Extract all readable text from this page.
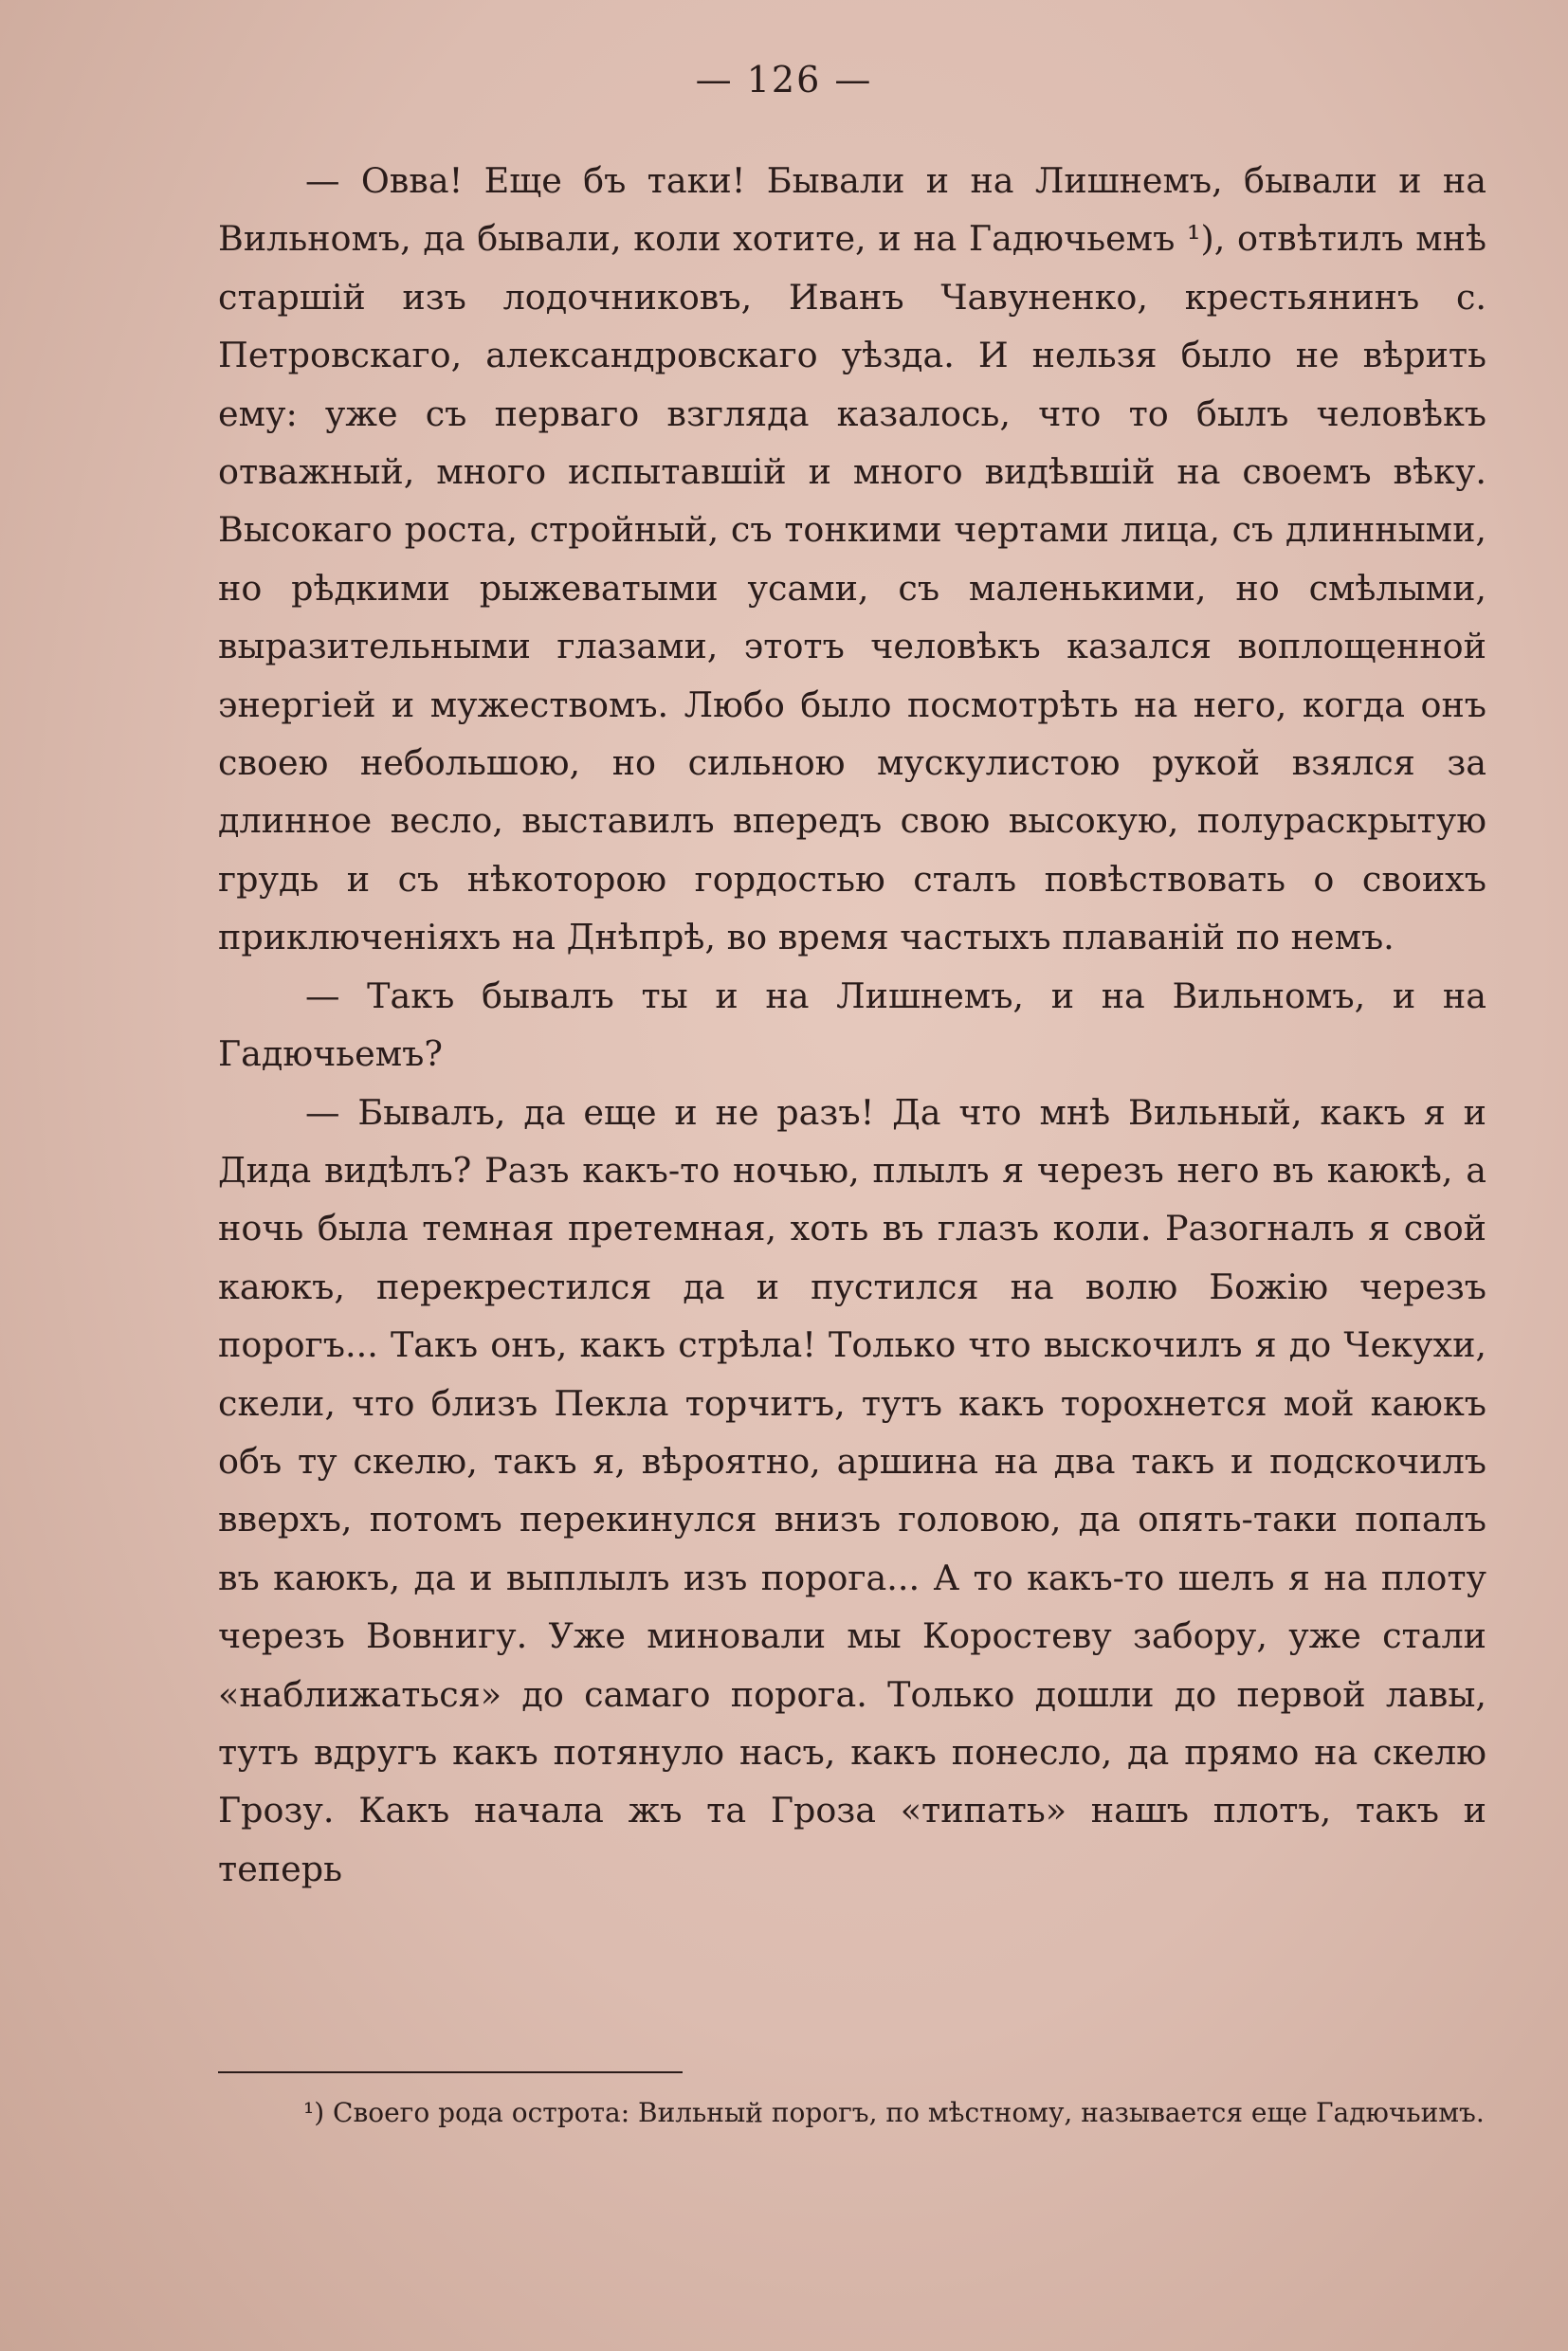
— 126 —

— Овва! Еще бъ таки! Бывали и на Лишнемъ, бывали и на Вильномъ, да бывали, коли хотите, и на Гадючьемъ ¹), отвѣтилъ мнѣ старшій изъ лодочниковъ, Иванъ Чавуненко, крестьянинъ с. Петровскаго, александровскаго уѣзда. И нельзя было не вѣрить ему: уже съ перваго взгляда казалось, что то былъ человѣкъ отважный, много испытавшій и много видѣвшій на своемъ вѣку. Высокаго роста, стройный, съ тонкими чертами лица, съ длинными, но рѣдкими рыжеватыми усами, съ маленькими, но смѣлыми, выразительными глазами, этотъ человѣкъ казался воплощенной энергіей и мужествомъ. Любо было посмотрѣть на него, когда онъ своею небольшою, но сильною мускулистою рукой взялся за длинное весло, выставилъ впередъ свою высокую, полураскрытую грудь и съ нѣкоторою гордостью сталъ повѣствовать о своихъ приключеніяхъ на Днѣпрѣ, во время частыхъ плаваній по немъ.

— Такъ бывалъ ты и на Лишнемъ, и на Вильномъ, и на Гадючьемъ?

— Бывалъ, да еще и не разъ! Да что мнѣ Вильный, какъ я и Дида видѣлъ? Разъ какъ-то ночью, плылъ я черезъ него въ каюкѣ, а ночь была темная претемная, хоть въ глазъ коли. Разогналъ я свой каюкъ, перекрестился да и пустился на волю Божію черезъ порогъ... Такъ онъ, какъ стрѣла! Только что выскочилъ я до Чекухи, скели, что близъ Пекла торчитъ, тутъ какъ торохнется мой каюкъ объ ту скелю, такъ я, вѣроятно, аршина на два такъ и подскочилъ вверхъ, потомъ перекинулся внизъ головою, да опять-таки попалъ въ каюкъ, да и выплылъ изъ порога... А то какъ-то шелъ я на плоту черезъ Вовнигу. Уже миновали мы Коростеву забору, уже стали «наближаться» до самаго порога. Только дошли до первой лавы, тутъ вдругъ какъ потянуло насъ, какъ понесло, да прямо на скелю Грозу. Какъ начала жъ та Гроза «типать» нашъ плотъ, такъ и теперь

¹) Своего рода острота: Вильный порогъ, по мѣстному, называется еще Гадючьимъ.
